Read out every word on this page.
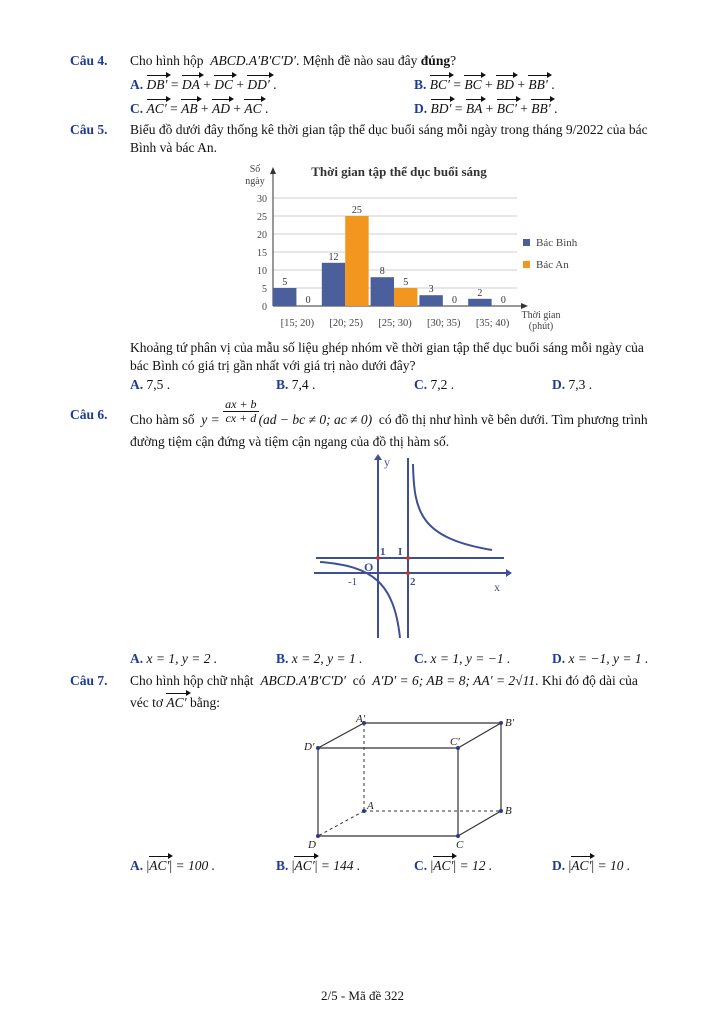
Câu 4. Cho hình hộp ABCD.A′B′C′D′. Mệnh đề nào sau đây đúng?
A. DB′ = DA + DC + DD′ .	B. BC′ = BC + BD + BB′ .
C. AC′ = AB + AD + AC .	D. BD′ = BA + BC′ + BB′ .
Câu 5. Biểu đồ dưới đây thống kê thời gian tập thể dục buổi sáng mỗi ngày trong tháng 9/2022 của bác
Bình và bác An.
Thời gian tập thể dục buổi sáng
Số
ngày
Thời gian
(phút)
0
5
10
15
20
25
30
[15; 20)
5
0
[20; 25)
12
25
[25; 30)
8
5
[30; 35)
3
0
[35; 40)
2
0
Bác Bình
Bác An
Khoảng tứ phân vị của mẫu số liệu ghép nhóm về thời gian tập thể dục buổi sáng mỗi ngày của
bác Bình có giá trị gần nhất với giá trị nào dưới đây?
A. 7,5 .	B. 7,4 .	C. 7,2 .	D. 7,3 .
Câu 6. Cho hàm số $y = \frac{ax + b}{cx + d} (ad$ − bc ≠ 0; ac ≠ 0) có đồ thị như hình vẽ bên dưới. Tìm phương trình
đường tiệm cận đứng và tiệm cận ngang của đồ thị hàm số.
y
x
O
1 I
2
-1
A. x = 1, y = 2 .	B. x = 2, y = 1 .	C. x = 1, y = −1 .	D. x = −1, y = 1 .
Câu 7. Cho hình hộp chữ nhật ABCD.A′B′C′D′ có A′D′ = 6; AB = 8; AA′ = 2√11. Khi đó độ dài của
véc tơ AC′ bằng:
A′	B′
C′
D′
A	B
C
D
A. |AC′| = 100 .	B. |AC′| = 144 .	C. |AC′| = 12 .	D. |AC′| = 10 .
2/5 - Mã đề 322
